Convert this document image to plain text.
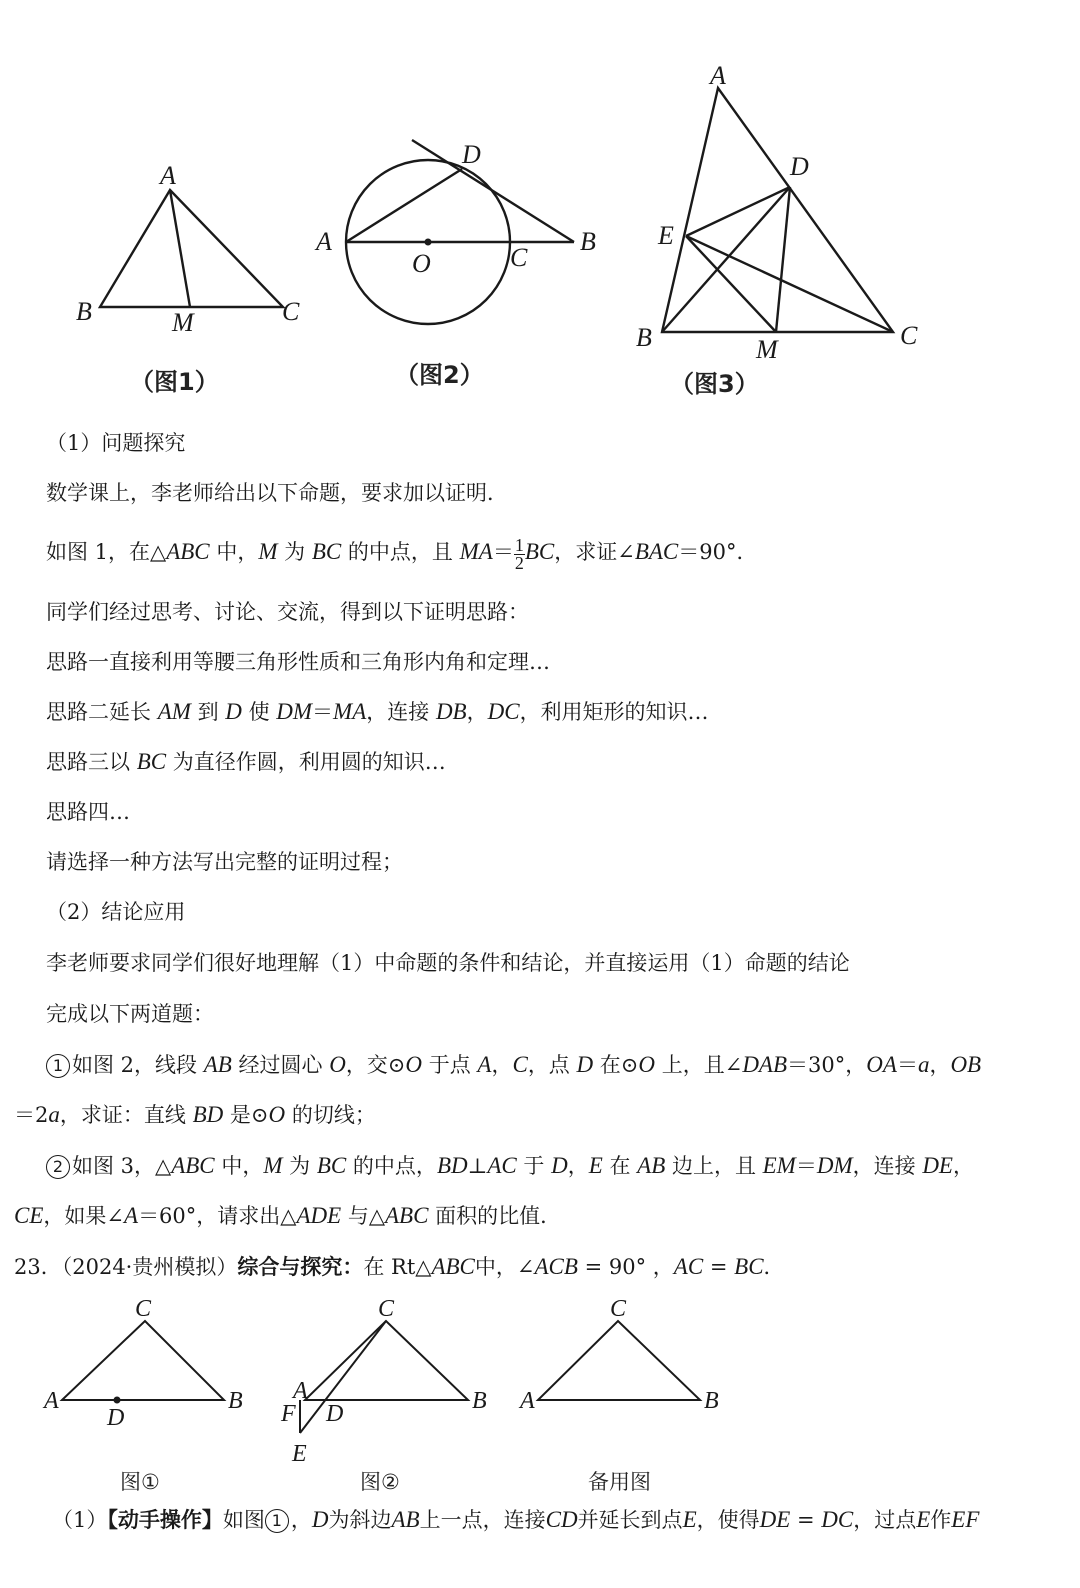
A
B	C
M
D
A
O	C
B
A
D
E
B	M	C
（图1）	（图2）	（图3）
（1）问题探究
数学课上，李老师给出以下命题，要求加以证明．
如图 1，在△ABC 中，M 为 BC 的中点，且 $MA= \frac{1}{2}$ BC，求证∠BAC＝90°．
同学们经过思考、讨论、交流，得到以下证明思路：
思路一直接利用等腰三角形性质和三角形内角和定理…
思路二延长 AM 到 D 使 DM＝MA，连接 DB，DC，利用矩形的知识…
思路三以 BC 为直径作圆，利用圆的知识…
思路四…
请选择一种方法写出完整的证明过程；
（2）结论应用
李老师要求同学们很好地理解（1）中命题的条件和结论，并直接运用（1）命题的结论
完成以下两道题：
1 如图 2，线段 AB 经过圆心 O，交⊙O 于点 A，C，点 D 在⊙O 上，且∠DAB＝30°，OA＝a，OB
＝2a，求证：直线 BD 是⊙O 的切线；
2 如图 3，△ABC 中，M 为 BC 的中点，BD⊥AC 于 D，E 在 AB 边上，且 EM＝DM，连接 DE，
CE，如果∠A＝60°，请求出△ADE 与△ABC 面积的比值．
23．（2024·贵州模拟）综合与探究：在 Rt△ABC中，∠ACB = 90° ，AC = BC．
C
A	B
D
C
A
F D	B
E
C
A	B
图①	图②	备用图
（1）【动手操作】如图 1 ，D为斜边AB上一点，连接CD并延长到点E，使得DE = DC，过点E作EF
